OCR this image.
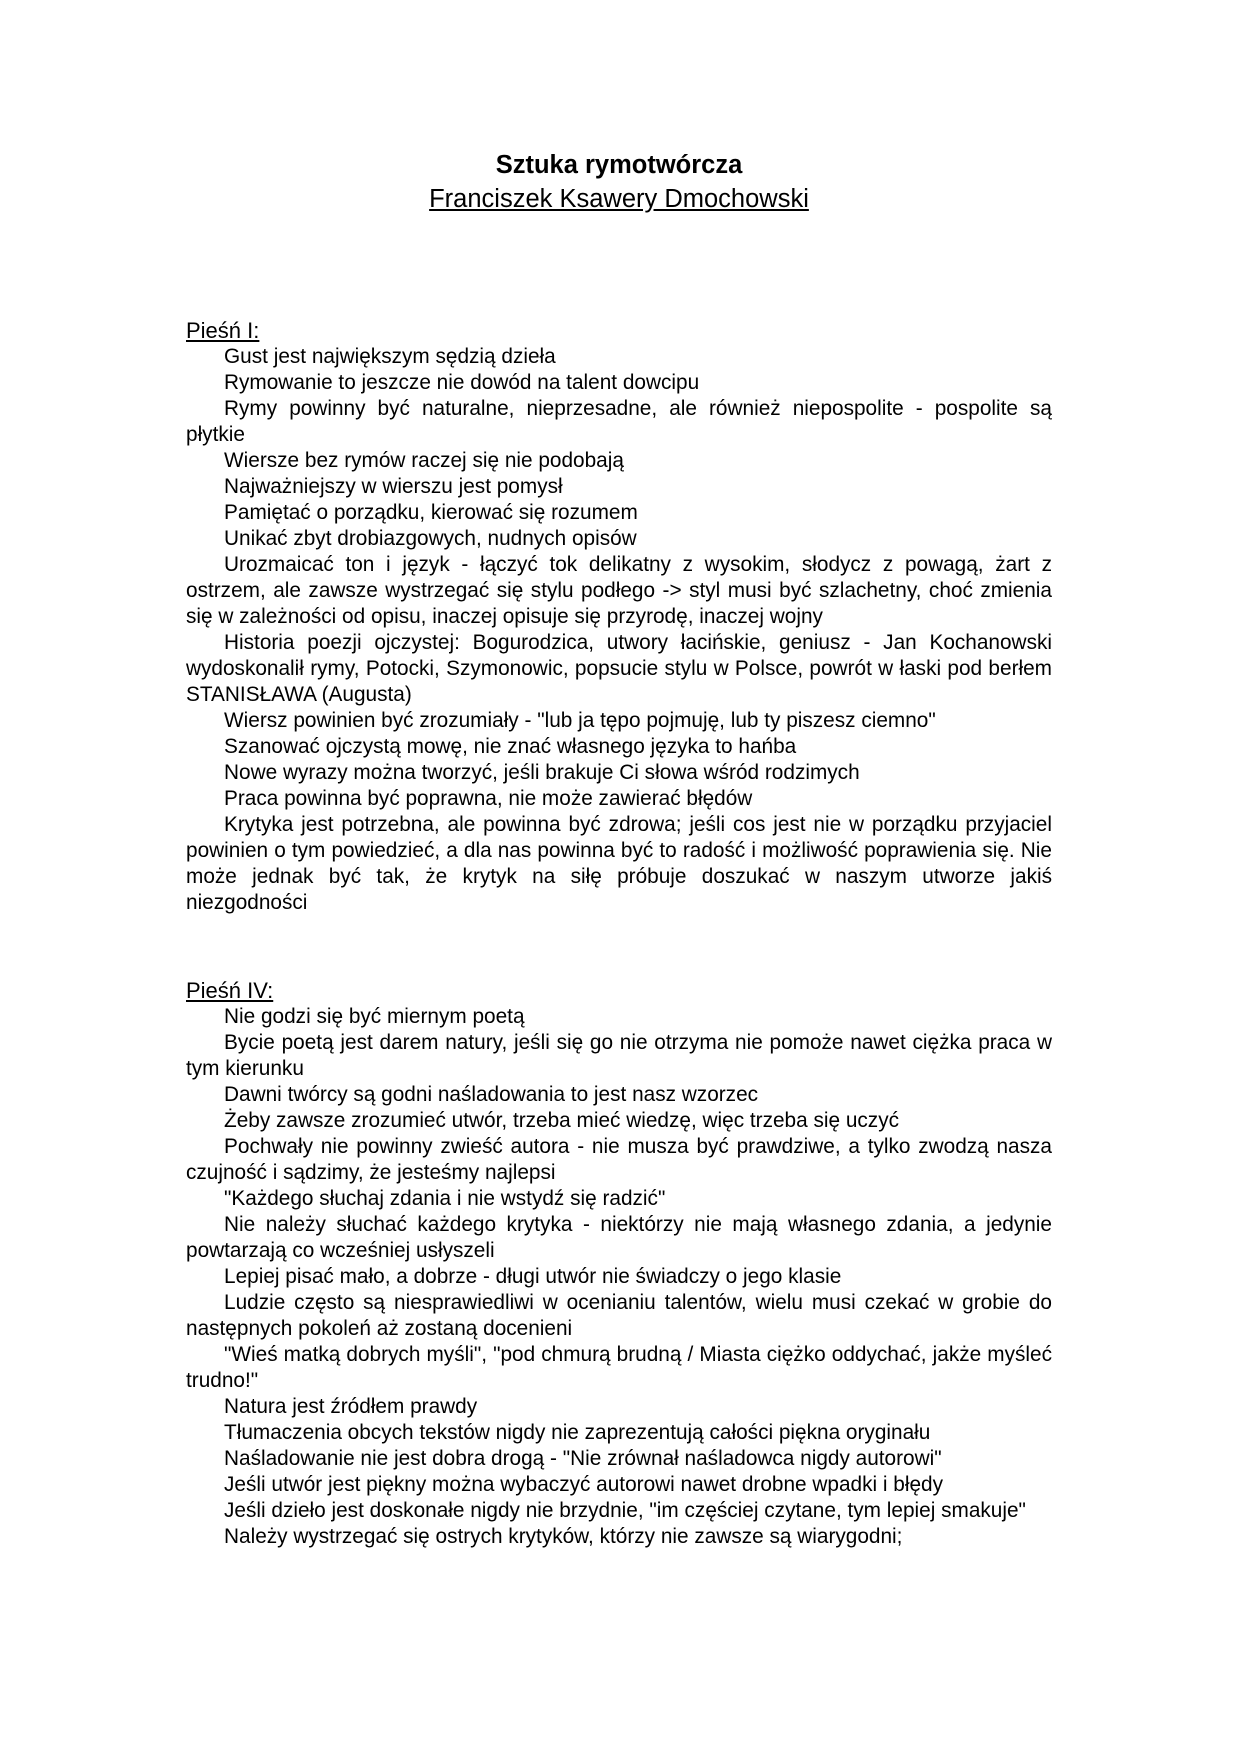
Sztuka rymotwórcza

Franciszek Ksawery Dmochowski

Pieśń I:

Gust jest największym sędzią dzieła

Rymowanie to jeszcze nie dowód na talent dowcipu

Rymy powinny być naturalne, nieprzesadne, ale również niepospolite - pospolite są płytkie

Wiersze bez rymów raczej się nie podobają

Najważniejszy w wierszu jest pomysł

Pamiętać o porządku, kierować się rozumem

Unikać zbyt drobiazgowych, nudnych opisów

Urozmaicać ton i język - łączyć tok delikatny z wysokim, słodycz z powagą, żart z ostrzem, ale zawsze wystrzegać się stylu podłego -> styl musi być szlachetny, choć zmienia się w zależności od opisu, inaczej opisuje się przyrodę, inaczej wojny

Historia poezji ojczystej: Bogurodzica, utwory łacińskie, geniusz - Jan Kochanowski wydoskonalił rymy, Potocki, Szymonowic, popsucie stylu w Polsce, powrót w łaski pod berłem STANISŁAWA (Augusta)

Wiersz powinien być zrozumiały - "lub ja tępo pojmuję, lub ty piszesz ciemno"

Szanować ojczystą mowę, nie znać własnego języka to hańba

Nowe wyrazy można tworzyć, jeśli brakuje Ci słowa wśród rodzimych

Praca powinna być poprawna, nie może zawierać błędów

Krytyka jest potrzebna, ale powinna być zdrowa; jeśli cos jest nie w porządku przyjaciel powinien o tym powiedzieć, a dla nas powinna być to radość i możliwość poprawienia się. Nie może jednak być tak, że krytyk na siłę próbuje doszukać w naszym utworze jakiś niezgodności

Pieśń IV:

Nie godzi się być miernym poetą

Bycie poetą jest darem natury, jeśli się go nie otrzyma nie pomoże nawet ciężka praca w tym kierunku

Dawni twórcy są godni naśladowania to jest nasz wzorzec

Żeby zawsze zrozumieć utwór, trzeba mieć wiedzę, więc trzeba się uczyć

Pochwały nie powinny zwieść autora - nie musza być prawdziwe, a tylko zwodzą nasza czujność i sądzimy, że jesteśmy najlepsi

"Każdego słuchaj zdania i nie wstydź się radzić"

Nie należy słuchać każdego krytyka - niektórzy nie mają własnego zdania, a jedynie powtarzają co wcześniej usłyszeli

Lepiej pisać mało, a dobrze - długi utwór nie świadczy o jego klasie

Ludzie często są niesprawiedliwi w ocenianiu talentów, wielu musi czekać w grobie do następnych pokoleń aż zostaną docenieni

"Wieś matką dobrych myśli", "pod chmurą brudną / Miasta ciężko oddychać, jakże myśleć trudno!"

Natura jest źródłem prawdy

Tłumaczenia obcych tekstów nigdy nie zaprezentują całości piękna oryginału

Naśladowanie nie jest dobra drogą - "Nie zrównał naśladowca nigdy autorowi"

Jeśli utwór jest piękny można wybaczyć autorowi nawet drobne wpadki i błędy

Jeśli dzieło jest doskonałe nigdy nie brzydnie, "im częściej czytane, tym lepiej smakuje"

Należy wystrzegać się ostrych krytyków, którzy nie zawsze są wiarygodni;
